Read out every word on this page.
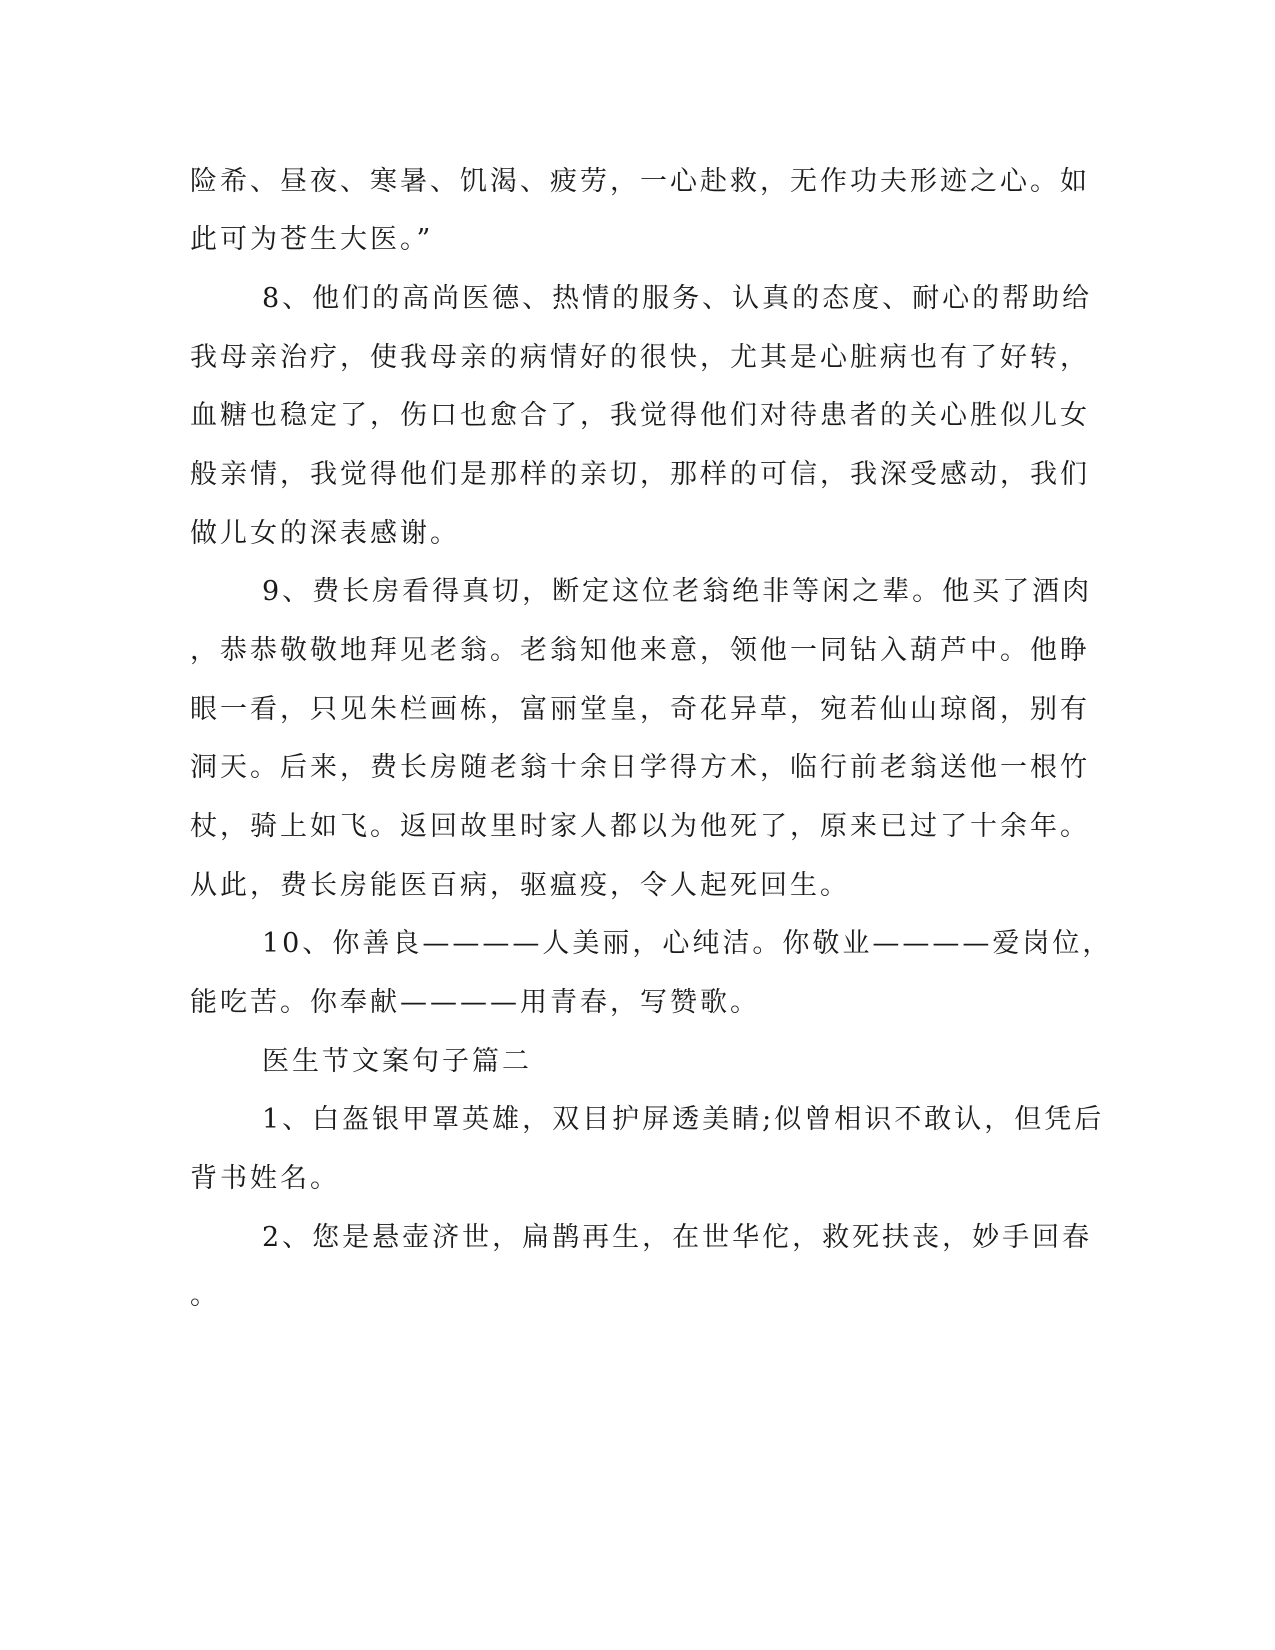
险希、昼夜、寒暑、饥渴、疲劳，一心赴救，无作功夫形迹之心。如
此可为苍生大医。”
8、他们的高尚医德、热情的服务、认真的态度、耐心的帮助给
我母亲治疗，使我母亲的病情好的很快，尤其是心脏病也有了好转，
血糖也稳定了，伤口也愈合了，我觉得他们对待患者的关心胜似儿女
般亲情，我觉得他们是那样的亲切，那样的可信，我深受感动，我们
做儿女的深表感谢。
9、费长房看得真切，断定这位老翁绝非等闲之辈。他买了酒肉
，恭恭敬敬地拜见老翁。老翁知他来意，领他一同钻入葫芦中。他睁
眼一看，只见朱栏画栋，富丽堂皇，奇花异草，宛若仙山琼阁，别有
洞天。后来，费长房随老翁十余日学得方术，临行前老翁送他一根竹
杖，骑上如飞。返回故里时家人都以为他死了，原来已过了十余年。
从此，费长房能医百病，驱瘟疫，令人起死回生。
10、你善良————人美丽，心纯洁。你敬业————爱岗位，
能吃苦。你奉献————用青春，写赞歌。
医生节文案句子篇二
1、白盔银甲罩英雄，双目护屏透美睛;似曾相识不敢认，但凭后
背书姓名。
2、您是悬壶济世，扁鹊再生，在世华佗，救死扶丧，妙手回春
。
